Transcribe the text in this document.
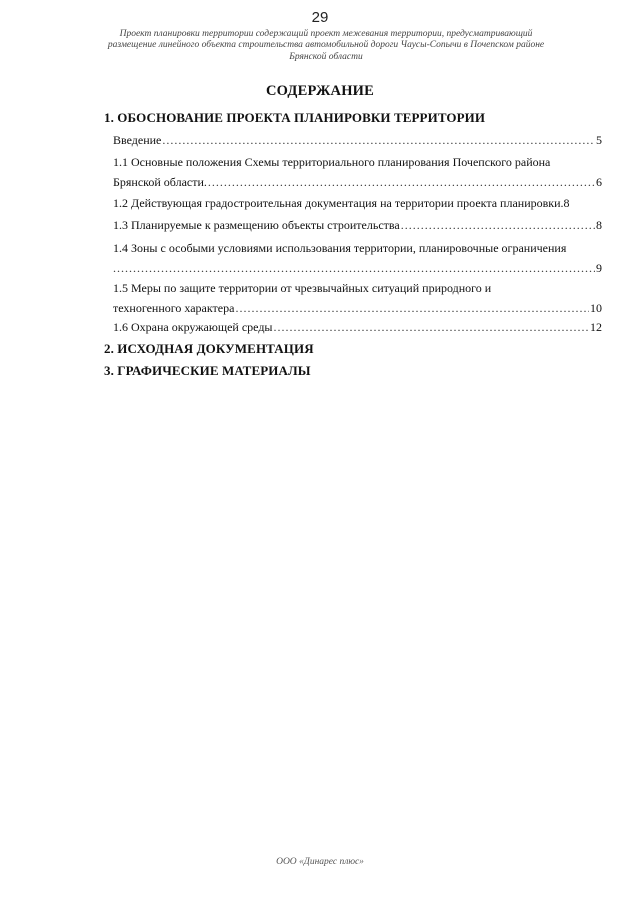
29
Проект планировки территории содержащий проект межевания территории, предусматривающий
размещение линейного объекта строительства автомобильной дороги Чаусы-Сопычи в Почепском районе
Брянской области
СОДЕРЖАНИЕ
1. ОБОСНОВАНИЕ ПРОЕКТА ПЛАНИРОВКИ ТЕРРИТОРИИ
Введение .....	5
1.1 Основные положения Схемы территориального планирования Почепского района
Брянской области. .....	6
1.2 Действующая градостроительная документация на территории проекта планировки. 8
1.3 Планируемые к размещению объекты строительства .....	8
1.4 Зоны с особыми условиями использования территории, планировочные ограничения
.....
9
1.5 Меры по защите территории от чрезвычайных ситуаций природного и
техногенного характера .....	10
1.6 Охрана окружающей среды .....	12
2. ИСХОДНАЯ ДОКУМЕНТАЦИЯ
3. ГРАФИЧЕСКИЕ МАТЕРИАЛЫ
ООО «Динарес плюс»
